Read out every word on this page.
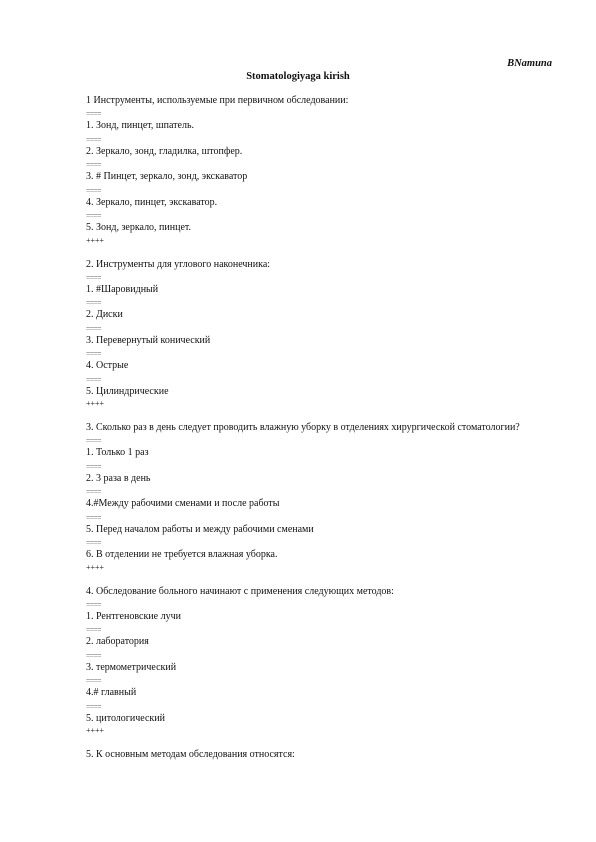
BNamuna
Stomatologiyaga kirish

1 Инструменты, используемые при первичном обследовании:

====

1. Зонд, пинцет, шпатель.

====

2. Зеркало, зонд, гладилка, штопфер.

====

3. # Пинцет, зеркало, зонд, экскаватор

====

4. Зеркало, пинцет, экскаватор.

====

5. Зонд, зеркало, пинцет.

++++

2. Инструменты для углового наконечника:

====

1. #Шаровидный

====

2. Диски

====

3. Перевернутый конический

====

4. Острые

====

5. Цилиндрические

++++

3. Сколько раз в день следует проводить влажную уборку в отделениях хирургической стоматологии?

====

1. Только 1 раз

====

2. 3 раза в день

====

4.#Между рабочими сменами и после работы

====

5. Перед началом работы и между рабочими сменами

====

6. В отделении не требуется влажная уборка.

++++

4. Обследование больного начинают с применения следующих методов:

====

1. Рентгеновские лучи

====

2. лаборатория

====

3. термометрический

====

4.# главный

====

5. цитологический

++++

5. К основным методам обследования относятся:
